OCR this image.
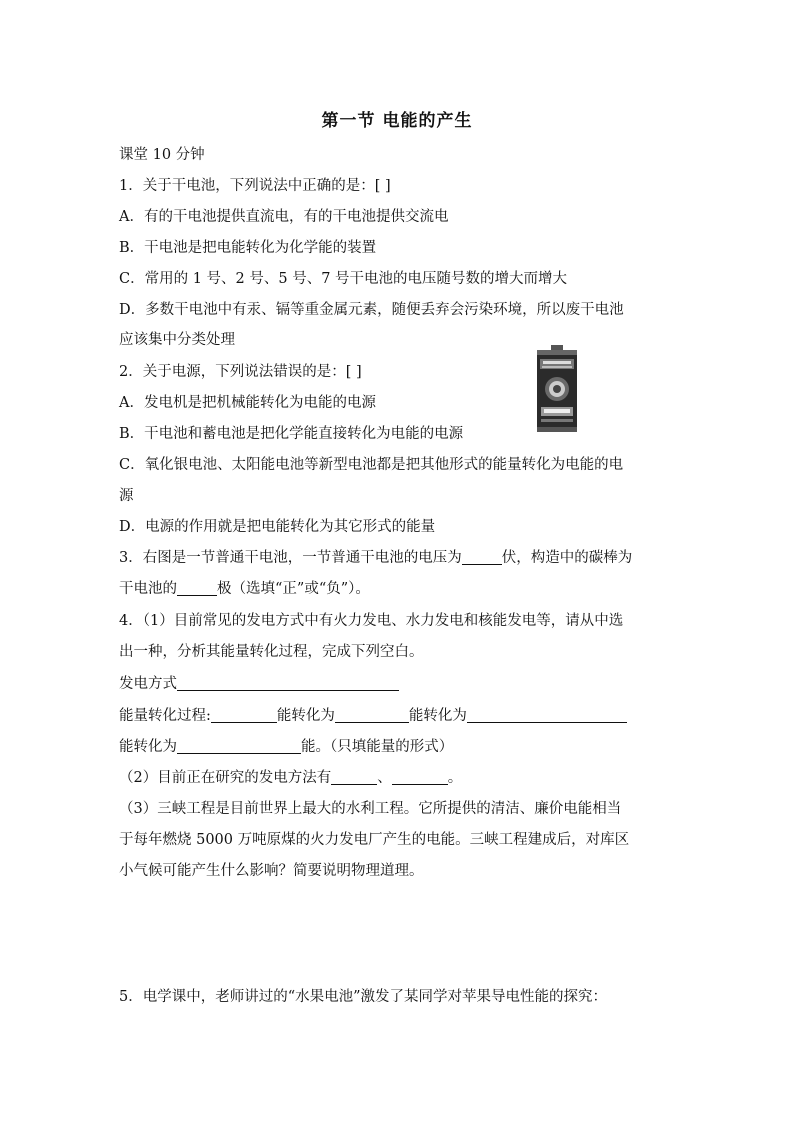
第一节 电能的产生
课堂 10 分钟
1．关于干电池，下列说法中正确的是：[ ]
A．有的干电池提供直流电，有的干电池提供交流电
B．干电池是把电能转化为化学能的装置
C．常用的 1 号、2 号、5 号、7 号干电池的电压随号数的增大而增大
D．多数干电池中有汞、镉等重金属元素，随便丢弃会污染环境，所以废干电池
应该集中分类处理
2．关于电源，下列说法错误的是：[ ]
A．发电机是把机械能转化为电能的电源
B．干电池和蓄电池是把化学能直接转化为电能的电源
C．氧化银电池、太阳能电池等新型电池都是把其他形式的能量转化为电能的电
源
D．电源的作用就是把电能转化为其它形式的能量
3．右图是一节普通干电池，一节普通干电池的电压为	伏，构造中的碳棒为
干电池的	极（选填“正”或“负”）。
4．（1）目前常见的发电方式中有火力发电、水力发电和核能发电等，请从中选
出一种，分析其能量转化过程，完成下列空白。
发电方式
能量转化过程:	能转化为	能转化为
能转化为	能。（只填能量的形式）
（2）目前正在研究的发电方法有	、	。
（3）三峡工程是目前世界上最大的水利工程。它所提供的清洁、廉价电能相当
于每年燃烧 5000 万吨原煤的火力发电厂产生的电能。三峡工程建成后，对库区
小气候可能产生什么影响？简要说明物理道理。
5．电学课中，老师讲过的“水果电池”激发了某同学对苹果导电性能的探究：
